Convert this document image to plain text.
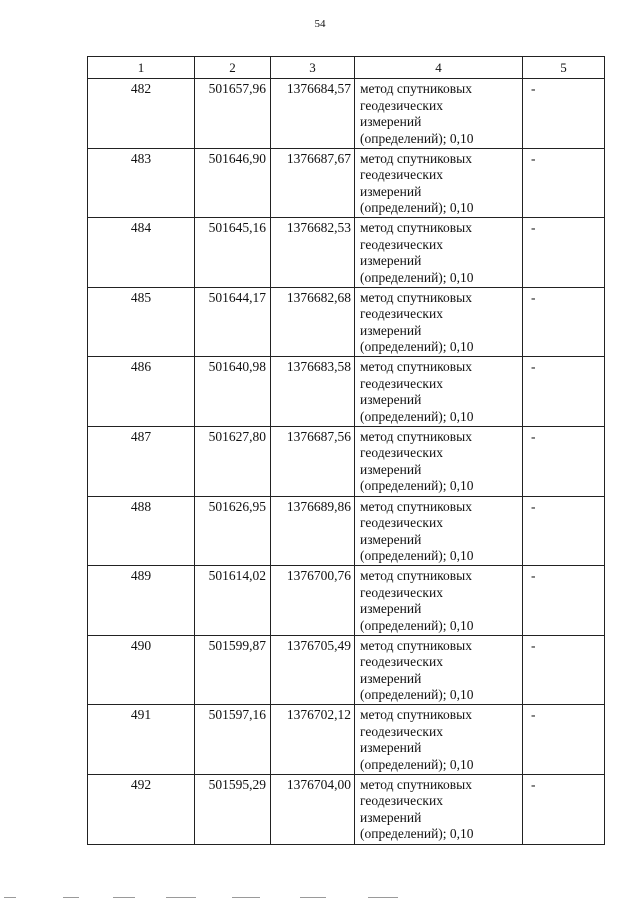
54
1	2	3	4	5
482	501657,96	1376684,57	метод спутниковых
геодезических
измерений
(определений); 0,10	-
483	501646,90	1376687,67	метод спутниковых
геодезических
измерений
(определений); 0,10	-
484	501645,16	1376682,53	метод спутниковых
геодезических
измерений
(определений); 0,10	-
485	501644,17	1376682,68	метод спутниковых
геодезических
измерений
(определений); 0,10	-
486	501640,98	1376683,58	метод спутниковых
геодезических
измерений
(определений); 0,10	-
487	501627,80	1376687,56	метод спутниковых
геодезических
измерений
(определений); 0,10	-
488	501626,95	1376689,86	метод спутниковых
геодезических
измерений
(определений); 0,10	-
489	501614,02	1376700,76	метод спутниковых
геодезических
измерений
(определений); 0,10	-
490	501599,87	1376705,49	метод спутниковых
геодезических
измерений
(определений); 0,10	-
491	501597,16	1376702,12	метод спутниковых
геодезических
измерений
(определений); 0,10	-
492	501595,29	1376704,00	метод спутниковых
геодезических
измерений
(определений); 0,10	-
